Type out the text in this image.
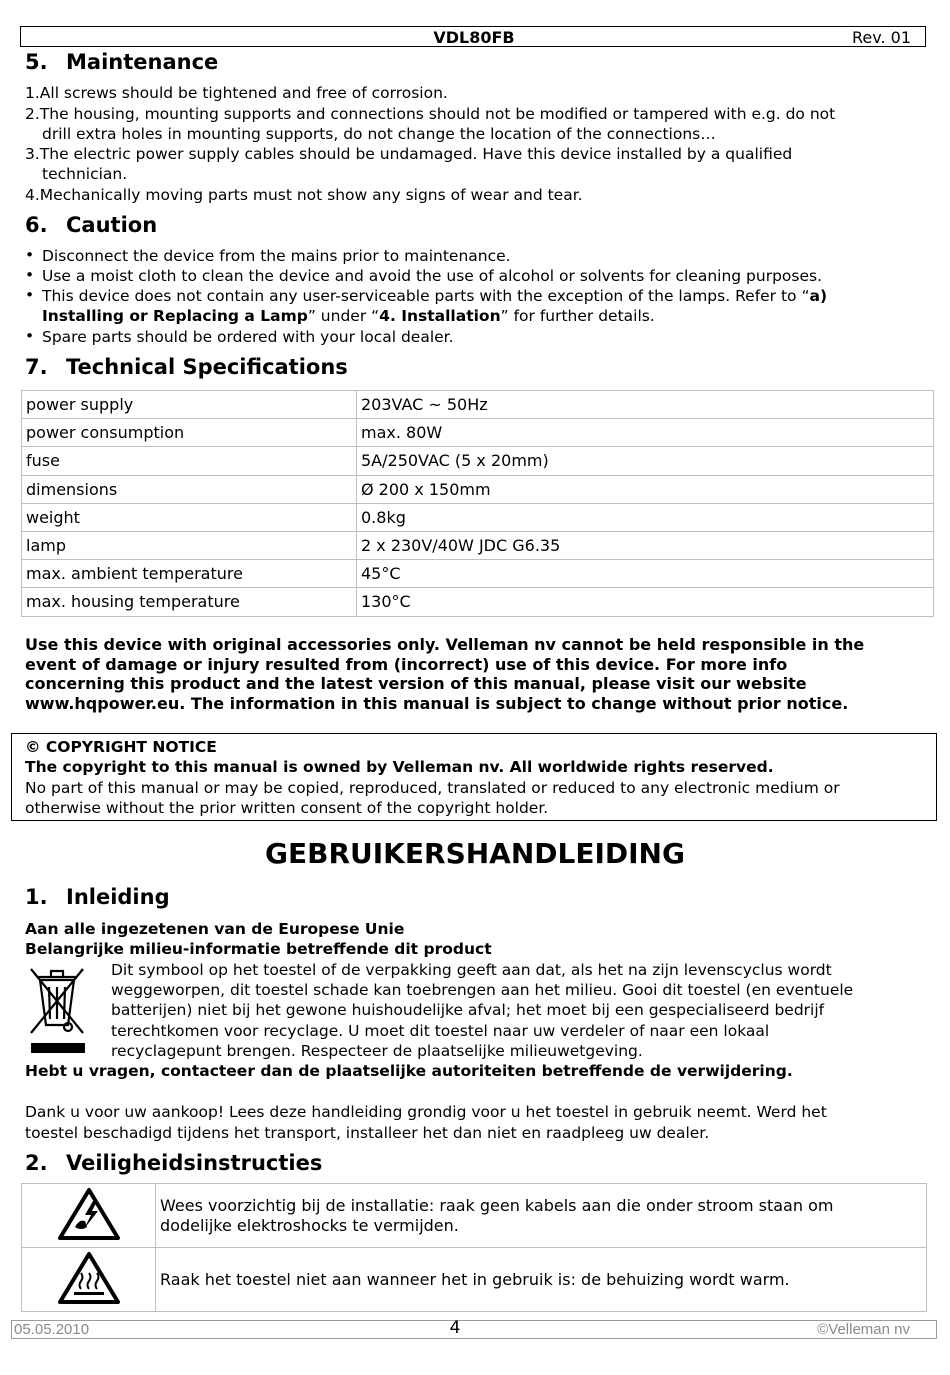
VDL80FB	Rev. 01
5. Maintenance
1.All screws should be tightened and free of corrosion.
2.The housing, mounting supports and connections should not be modified or tampered with e.g. do not
drill extra holes in mounting supports, do not change the location of the connections…
3.The electric power supply cables should be undamaged. Have this device installed by a qualified
technician.
4.Mechanically moving parts must not show any signs of wear and tear.
6. Caution
• Disconnect the device from the mains prior to maintenance.
• Use a moist cloth to clean the device and avoid the use of alcohol or solvents for cleaning purposes.
• This device does not contain any user-serviceable parts with the exception of the lamps. Refer to “a)
Installing or Replacing a Lamp” under “4. Installation” for further details.
• Spare parts should be ordered with your local dealer.
7. Technical Specifications
power supply	203VAC ~ 50Hz
power consumption	max. 80W
fuse	5A/250VAC (5 x 20mm)
dimensions	Ø 200 x 150mm
weight	0.8kg
lamp	2 x 230V/40W JDC G6.35
max. ambient temperature	45°C
max. housing temperature	130°C
Use this device with original accessories only. Velleman nv cannot be held responsible in the
event of damage or injury resulted from (incorrect) use of this device. For more info
concerning this product and the latest version of this manual, please visit our website
www.hqpower.eu. The information in this manual is subject to change without prior notice.
© COPYRIGHT NOTICE
The copyright to this manual is owned by Velleman nv. All worldwide rights reserved.
No part of this manual or may be copied, reproduced, translated or reduced to any electronic medium or
otherwise without the prior written consent of the copyright holder.
GEBRUIKERSHANDLEIDING
1. Inleiding
Aan alle ingezetenen van de Europese Unie
Belangrijke milieu-informatie betreffende dit product
Dit symbool op het toestel of de verpakking geeft aan dat, als het na zijn levenscyclus wordt
weggeworpen, dit toestel schade kan toebrengen aan het milieu. Gooi dit toestel (en eventuele
batterijen) niet bij het gewone huishoudelijke afval; het moet bij een gespecialiseerd bedrijf
terechtkomen voor recyclage. U moet dit toestel naar uw verdeler of naar een lokaal
recyclagepunt brengen. Respecteer de plaatselijke milieuwetgeving.
Hebt u vragen, contacteer dan de plaatselijke autoriteiten betreffende de verwijdering.
Dank u voor uw aankoop! Lees deze handleiding grondig voor u het toestel in gebruik neemt. Werd het
toestel beschadigd tijdens het transport, installeer het dan niet en raadpleeg uw dealer.
2. Veiligheidsinstructies

Wees voorzichtig bij de installatie: raak geen kabels aan die onder stroom staan om
dodelijke elektroshocks te vermijden.

Raak het toestel niet aan wanneer het in gebruik is: de behuizing wordt warm.
05.05.2010	4	©Velleman nv
